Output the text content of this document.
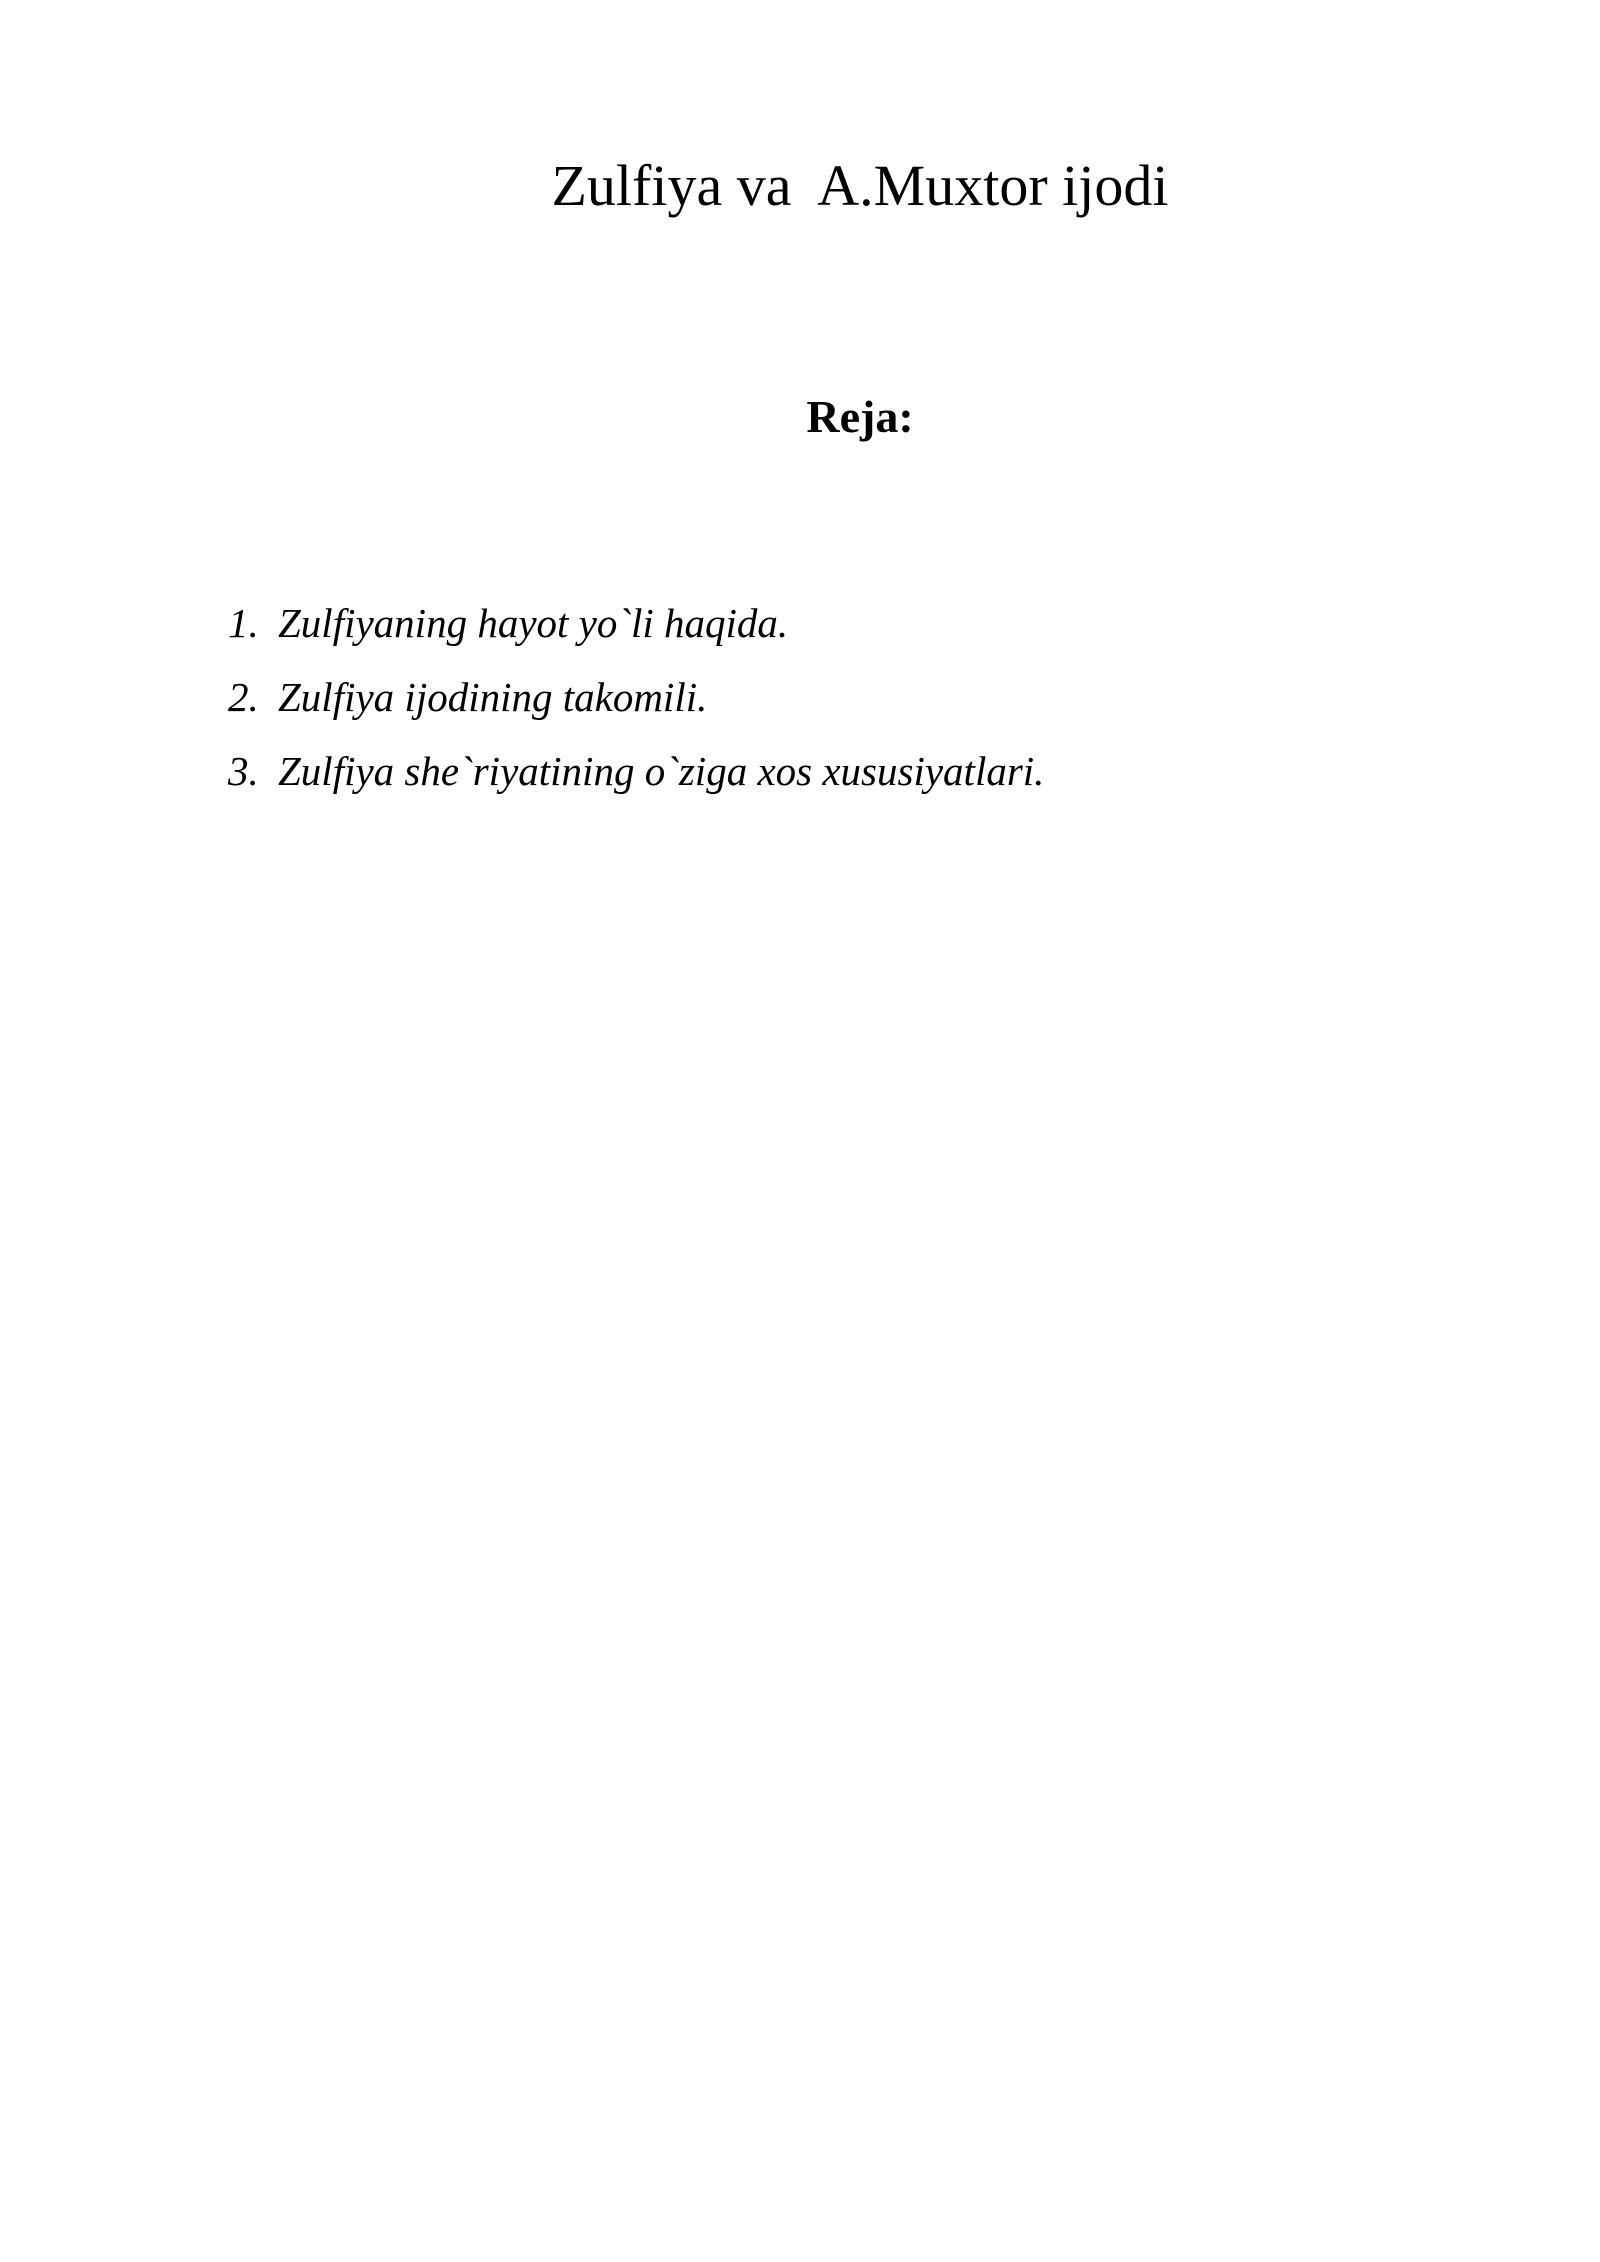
Zulfiya va  A.Muxtor ijodi
Reja:
1. Zulfiyaning hayot yo`li haqida.
2. Zulfiya ijodining takomili.
3. Zulfiya she`riyatining o`ziga xos xususiyatlari.
